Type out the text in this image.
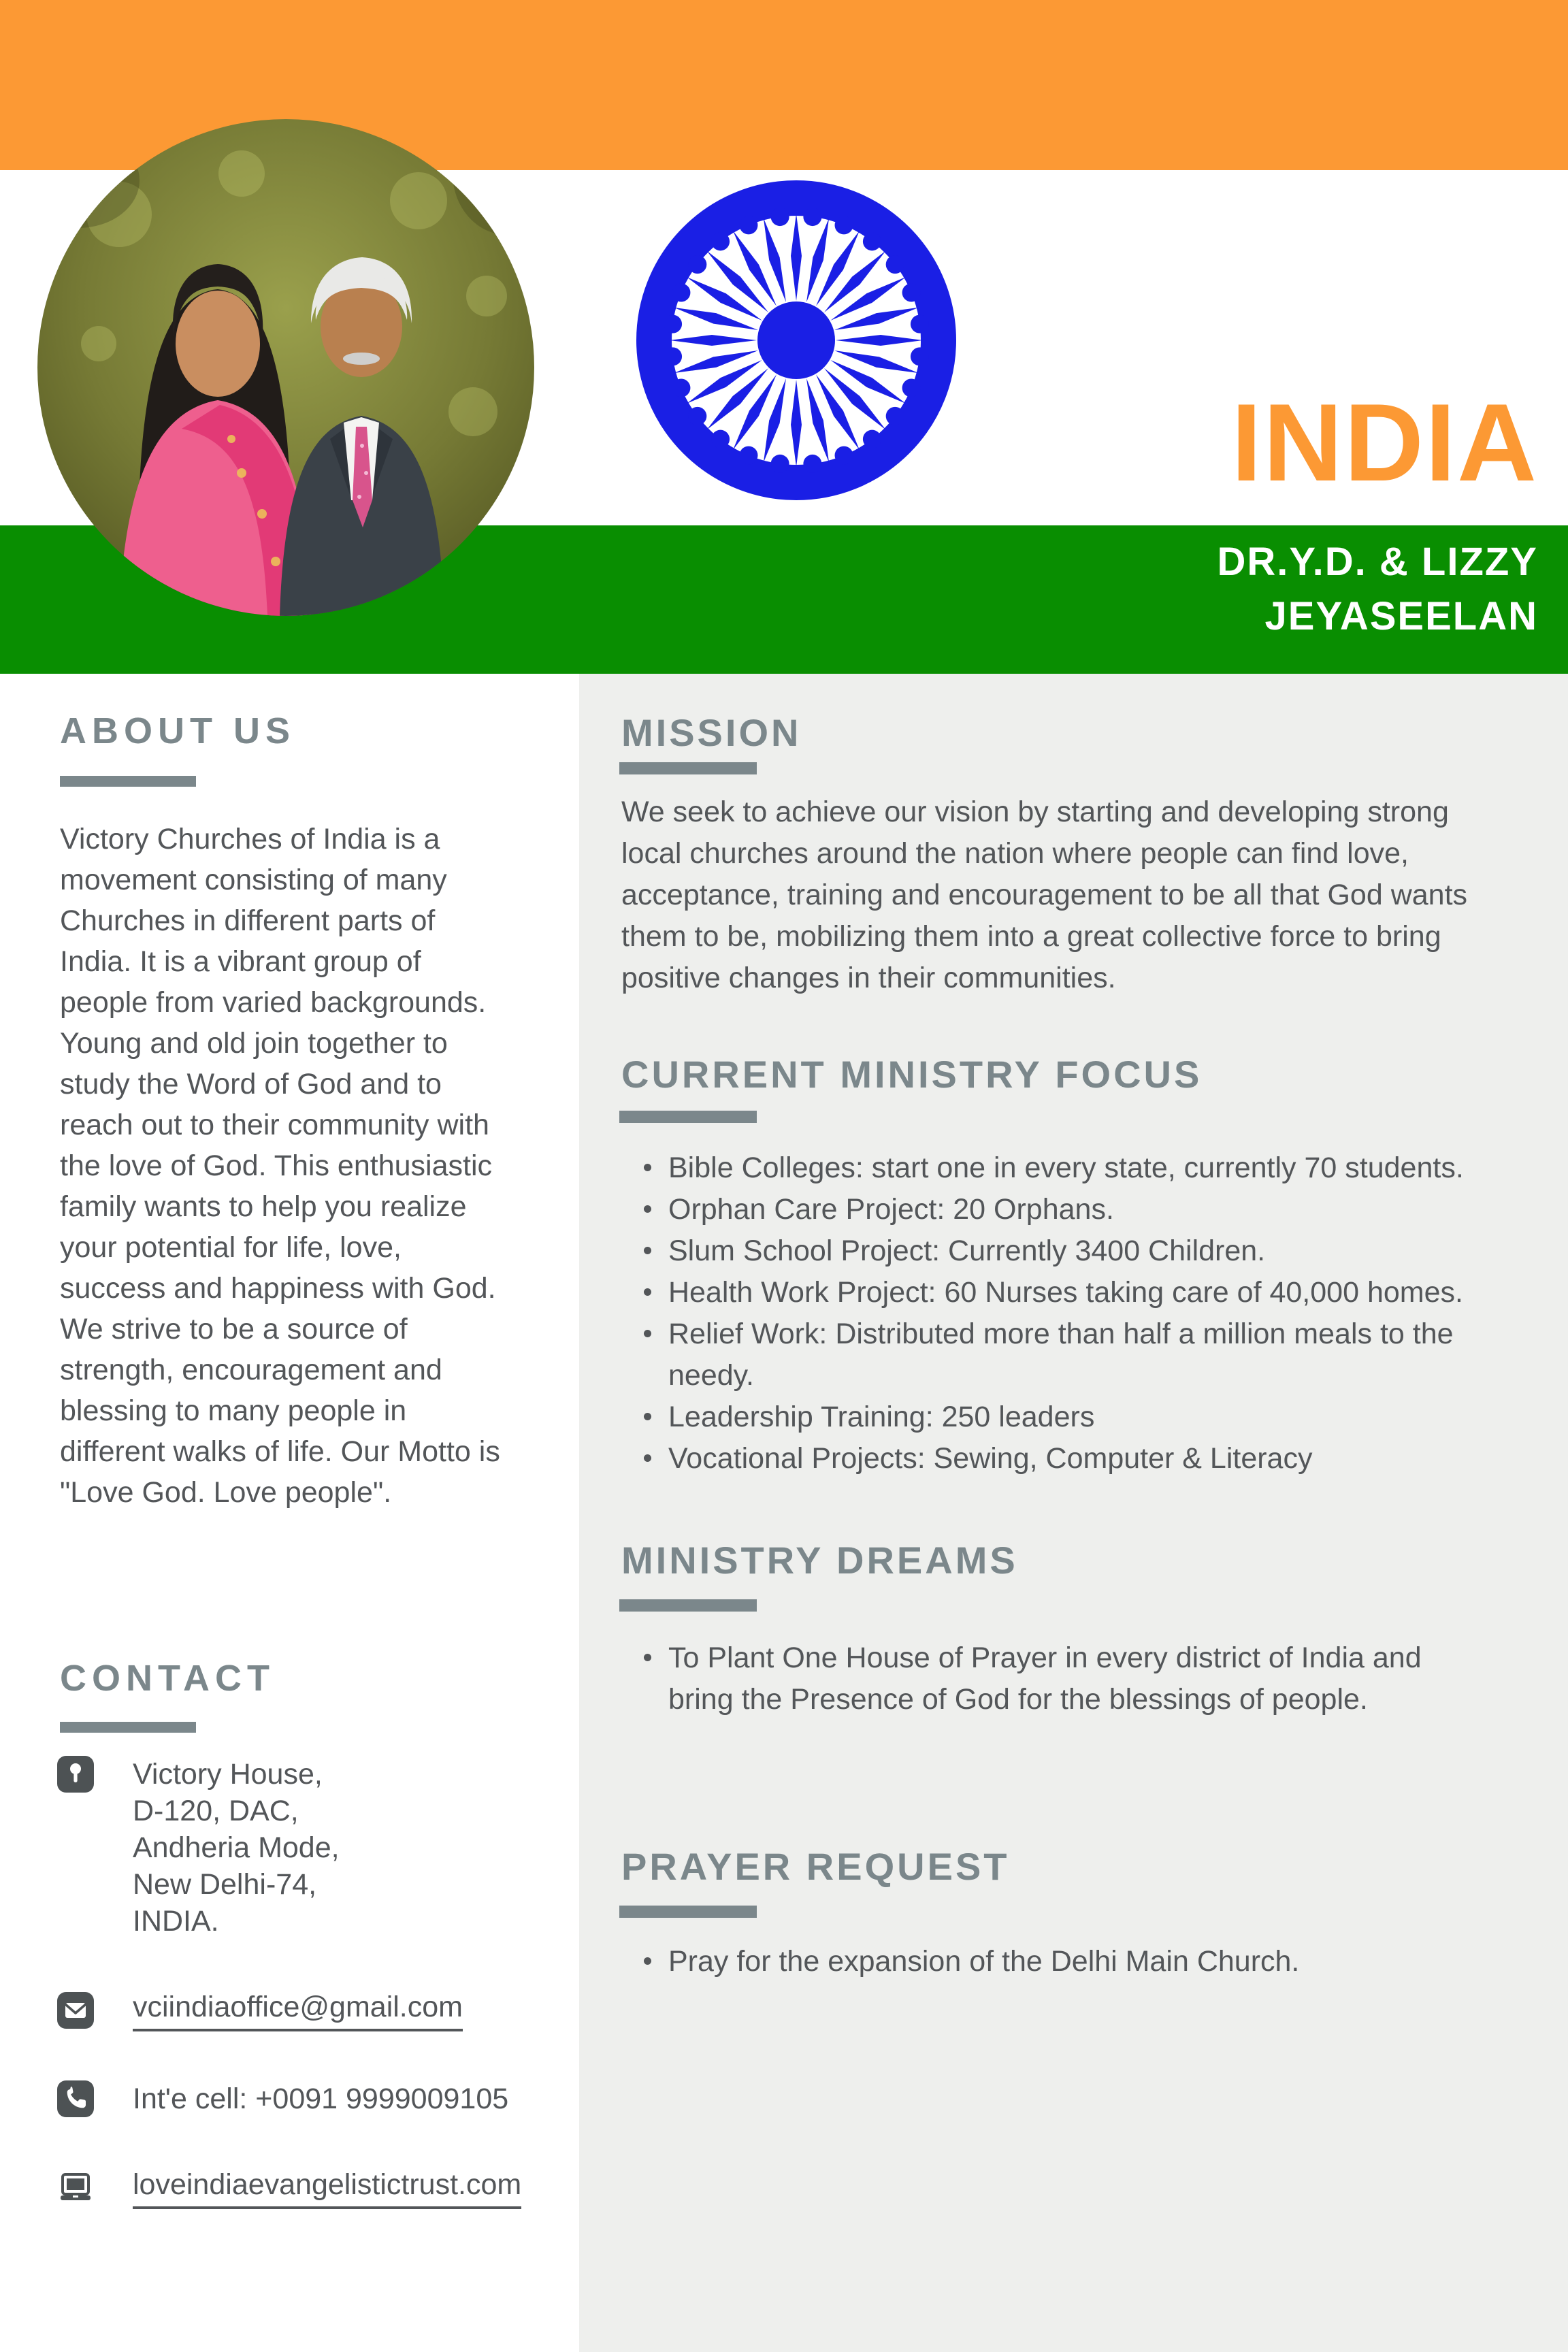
INDIA
DR.Y.D. & LIZZY
JEYASEELAN
ABOUT US
Victory Churches of India is a movement consisting of many Churches in different parts of India. It is a vibrant group of people from varied backgrounds. Young and old join together to study the Word of God and to reach out to their community with the love of God. This enthusiastic family wants to help you realize your potential for life, love, success and happiness with God. We strive to be a source of strength, encouragement and blessing to many people in different walks of life. Our Motto is "Love God. Love people".
CONTACT
Victory House,
D-120, DAC,
Andheria Mode,
New Delhi-74,
INDIA.
vciindiaoffice@gmail.com
Int'e cell: +0091 9999009105
loveindiaevangelistictrust.com
MISSION
We seek to achieve our vision by starting and developing strong local churches around the nation where people can find love, acceptance, training and encouragement to be all that God wants them to be, mobilizing them into a great collective force to bring positive changes in their communities.
CURRENT MINISTRY FOCUS
Bible Colleges: start one in every state, currently 70 students.
Orphan Care Project: 20 Orphans.
Slum School Project: Currently 3400 Children.
Health Work Project: 60 Nurses taking care of 40,000 homes.
Relief Work: Distributed more than half a million meals to the needy.
Leadership Training: 250 leaders
Vocational Projects: Sewing, Computer & Literacy
MINISTRY DREAMS
To Plant One House of Prayer in every district of India and bring the Presence of God for the blessings of people.
PRAYER REQUEST
Pray for the expansion of the Delhi Main Church.
